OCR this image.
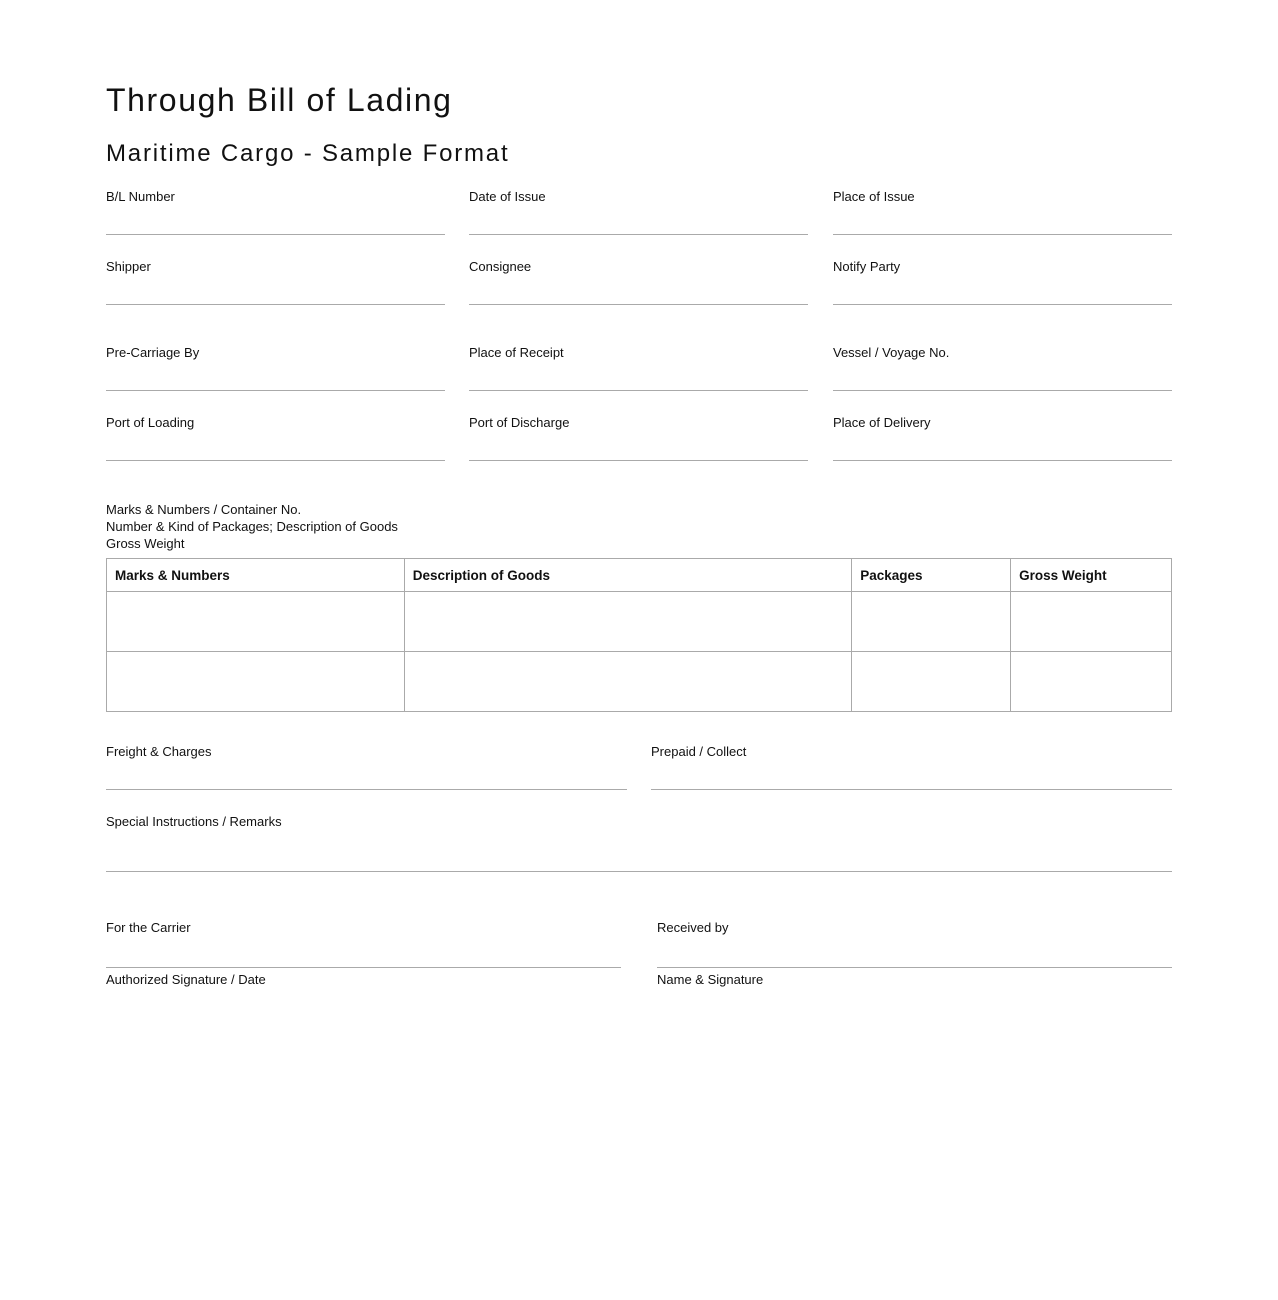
Through Bill of Lading
Maritime Cargo - Sample Format
B/L Number	Date of Issue	Place of Issue
Shipper	Consignee	Notify Party
Pre-Carriage By	Place of Receipt	Vessel / Voyage No.
Port of Loading	Port of Discharge	Place of Delivery
Marks & Numbers / Container No.
Number & Kind of Packages; Description of Goods
Gross Weight
Marks & Numbers	Description of Goods	Packages	Gross Weight

Freight & Charges	Prepaid / Collect
Special Instructions / Remarks
For the Carrier
Authorized Signature / Date
Received by
Name & Signature
